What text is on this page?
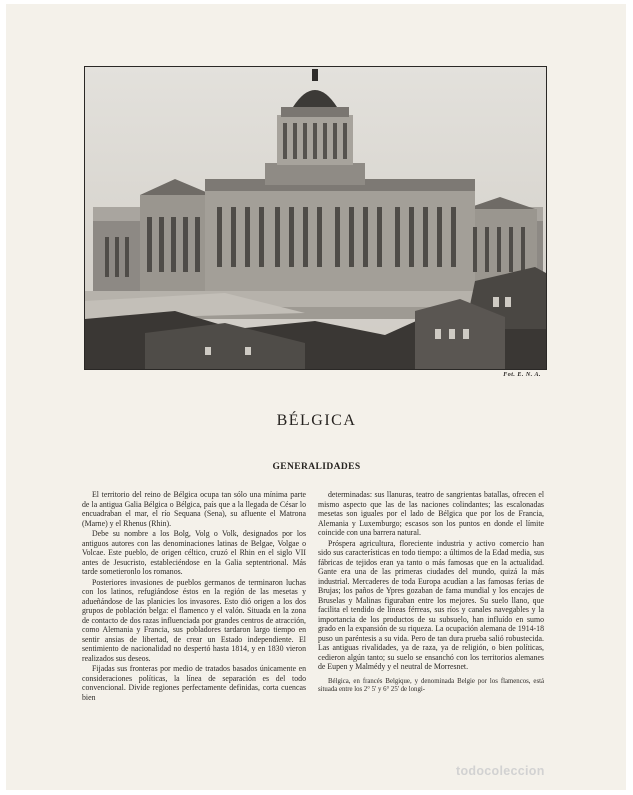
Fot. E. N. A.
BÉLGICA
GENERALIDADES

El territorio del reino de Bélgica ocupa tan sólo una mínima parte de la antigua Galia Bélgica o Bélgica, país que a la llegada de César lo encuadraban el mar, el río Sequana (Sena), su afluente el Matrona (Marne) y el Rhenus (Rhin).

Debe su nombre a los Bolg, Volg o Volk, designados por los antiguos autores con las denominaciones latinas de Belgae, Volgae o Volcae. Este pueblo, de origen céltico, cruzó el Rhin en el siglo VII antes de Jesucristo, estableciéndose en la Galia septentrional. Más tarde sometieronlo los romanos.

Posteriores invasiones de pueblos germanos de terminaron luchas con los latinos, refugiándose éstos en la región de las mesetas y adueñándose de las planicies los invasores. Esto dió origen a los dos grupos de población belga: el flamenco y el valón. Situada en la zona de contacto de dos razas influenciada por grandes centros de atracción, como Alemania y Francia, sus pobladores tardaron largo tiempo en sentir ansias de libertad, de crear un Estado independiente. El sentimiento de nacionalidad no despertó hasta 1814, y en 1830 vieron realizados sus deseos.

Fijadas sus fronteras por medio de tratados basados únicamente en consideraciones políticas, la línea de separación es del todo convencional. Divide regiones perfectamente definidas, corta cuencas bien

determinadas: sus llanuras, teatro de sangrientas batallas, ofrecen el mismo aspecto que las de las naciones colindantes; las escalonadas mesetas son iguales por el lado de Bélgica que por los de Francia, Alemania y Luxemburgo; escasos son los puntos en donde el límite coincide con una barrera natural.

Próspera agricultura, floreciente industria y activo comercio han sido sus características en todo tiempo: a últimos de la Edad media, sus fábricas de tejidos eran ya tanto o más famosas que en la actualidad. Gante era una de las primeras ciudades del mundo, quizá la más industrial. Mercaderes de toda Europa acudían a las famosas ferias de Brujas; los paños de Ypres gozaban de fama mundial y los encajes de Bruselas y Malinas figuraban entre los mejores. Su suelo llano, que facilita el tendido de líneas férreas, sus ríos y canales navegables y la importancia de los productos de su subsuelo, han influído en sumo grado en la expansión de su riqueza. La ocupación alemana de 1914-18 puso un paréntesis a su vida. Pero de tan dura prueba salió robustecida. Las antiguas rivalidades, ya de raza, ya de religión, o bien políticas, cedieron algún tanto; su suelo se ensanchó con los territorios alemanes de Eupen y Malmédy y el neutral de Morresnet.

Bélgica, en francés Belgique, y denominada Belgie por los flamencos, está situada entre los 2° 5' y 6° 25' de longi-

todocoleccion
